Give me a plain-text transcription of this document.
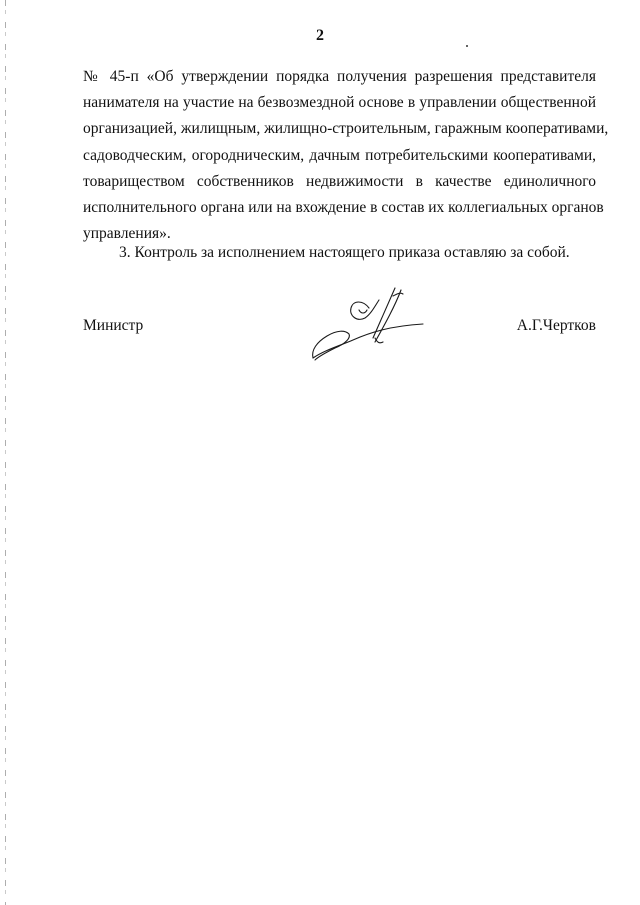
2
№ 45-п «Об утверждении порядка получения разрешения представителя
нанимателя на участие на безвозмездной основе в управлении общественной
организацией, жилищным, жилищно-строительным, гаражным кооперативами,
садоводческим, огородническим, дачным потребительскими кооперативами,
товариществом собственников недвижимости в качестве единоличного
исполнительного органа или на вхождение в состав их коллегиальных органов
управления».
3. Контроль за исполнением настоящего приказа оставляю за собой.
Министр	А.Г.Чертков
